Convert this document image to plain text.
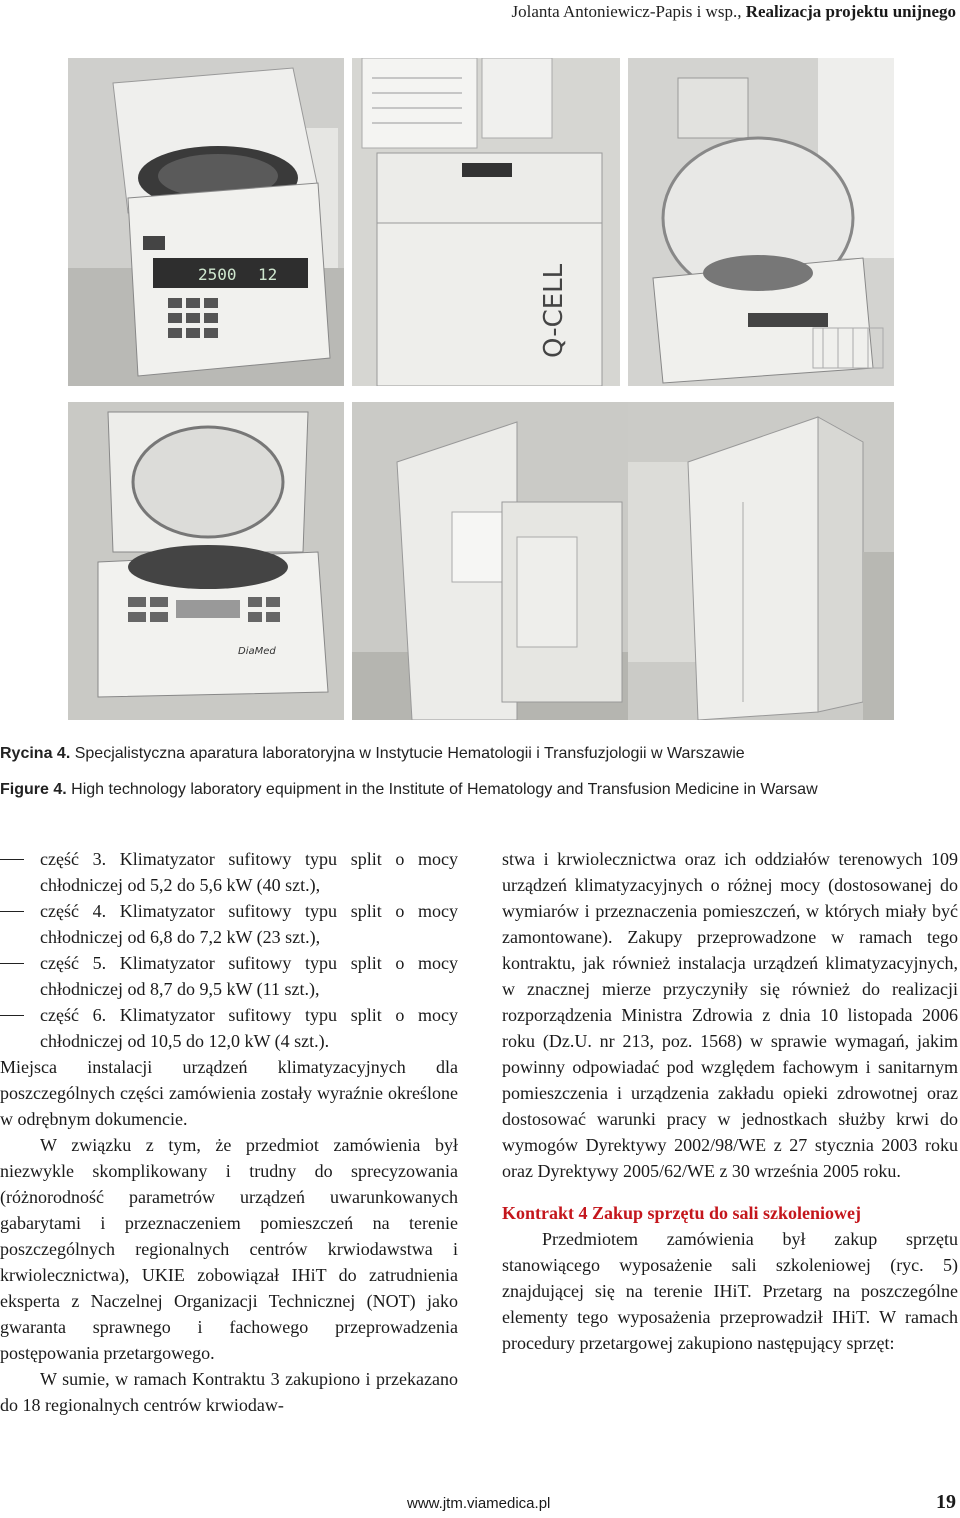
Jolanta Antoniewicz-Papis i wsp., Realizacja projektu unijnego
2500 12	Q-CELL
DiaMed
Rycina 4. Specjalistyczna aparatura laboratoryjna w Instytucie Hematologii i Transfuzjologii w Warszawie
Figure 4. High technology laboratory equipment in the Institute of Hematology and Transfusion Medicine in Warsaw
część 3. Klimatyzator sufitowy typu split o mocy chłodniczej od 5,2 do 5,6 kW (40 szt.),
część 4. Klimatyzator sufitowy typu split o mocy chłodniczej od 6,8 do 7,2 kW (23 szt.),
część 5. Klimatyzator sufitowy typu split o mocy chłodniczej od 8,7 do 9,5 kW (11 szt.),
część 6. Klimatyzator sufitowy typu split o mocy chłodniczej od 10,5 do 12,0 kW (4 szt.).
Miejsca instalacji urządzeń klimatyzacyjnych dla poszczególnych części zamówienia zostały wyraźnie określone w odrębnym dokumencie.
W związku z tym, że przedmiot zamówienia był niezwykle skomplikowany i trudny do sprecyzowania (różnorodność parametrów urządzeń uwarunkowanych gabarytami i przeznaczeniem pomieszczeń na terenie poszczególnych regionalnych centrów krwiodawstwa i krwiolecznictwa), UKIE zobowiązał IHiT do zatrudnienia eksperta z Naczelnej Organizacji Technicznej (NOT) jako gwaranta sprawnego i fachowego przeprowadzenia postępowania przetargowego.
W sumie, w ramach Kontraktu 3 zakupiono i przekazano do 18 regionalnych centrów krwiodaw-
stwa i krwiolecznictwa oraz ich oddziałów terenowych 109 urządzeń klimatyzacyjnych o różnej mocy (dostosowanej do wymiarów i przeznaczenia pomieszczeń, w których miały być zamontowane). Zakupy przeprowadzone w ramach tego kontraktu, jak również instalacja urządzeń klimatyzacyjnych, w znacznej mierze przyczyniły się również do realizacji rozporządzenia Ministra Zdrowia z dnia 10 listopada 2006 roku (Dz.U. nr 213, poz. 1568) w sprawie wymagań, jakim powinny odpowiadać pod względem fachowym i sanitarnym pomieszczenia i urządzenia zakładu opieki zdrowotnej oraz dostosować warunki pracy w jednostkach służby krwi do wymogów Dyrektywy 2002/98/WE z 27 stycznia 2003 roku oraz Dyrektywy 2005/62/WE z 30 września 2005 roku.
Kontrakt 4 Zakup sprzętu do sali szkoleniowej
Przedmiotem zamówienia był zakup sprzętu stanowiącego wyposażenie sali szkoleniowej (ryc. 5) znajdującej się na terenie IHiT. Przetarg na poszczególne elementy tego wyposażenia przeprowadził IHiT. W ramach procedury przetargowej zakupiono następujący sprzęt:
www.jtm.viamedica.pl	19
